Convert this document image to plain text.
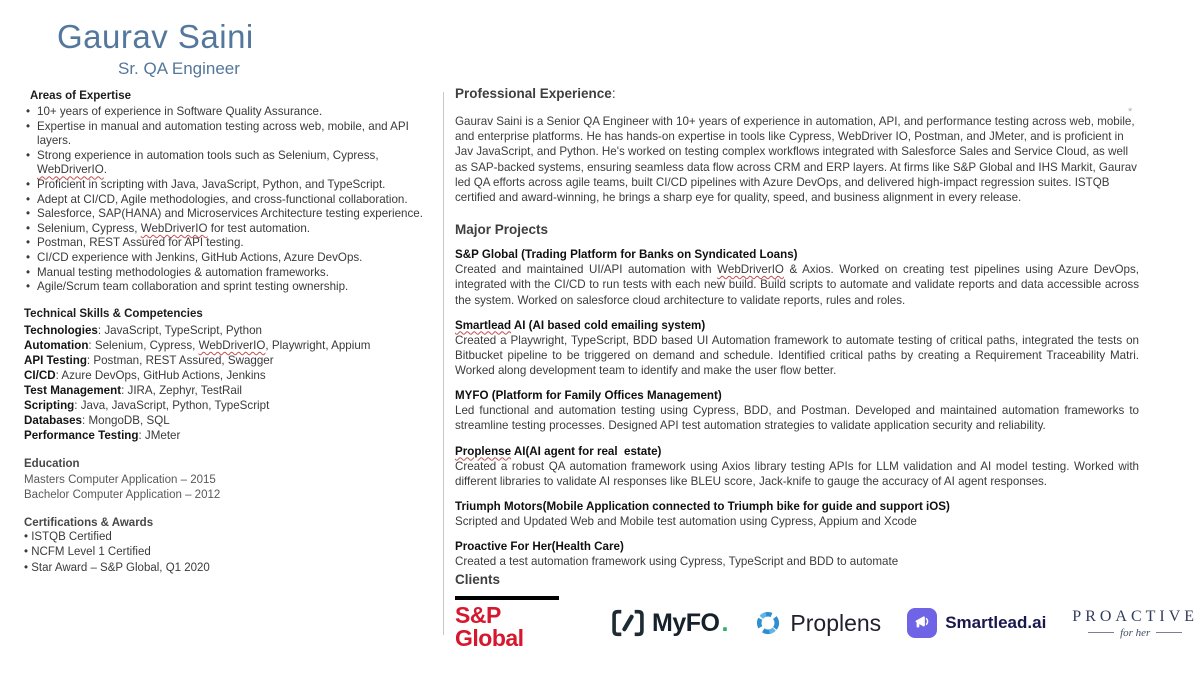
Gaurav Saini
Sr. QA Engineer
Areas of Expertise
• 10+ years of experience in Software Quality Assurance.
• Expertise in manual and automation testing across web, mobile, and API layers.
• Strong experience in automation tools such as Selenium, Cypress, WebDriverIO.
• Proficient in scripting with Java, JavaScript, Python, and TypeScript.
• Adept at CI/CD, Agile methodologies, and cross-functional collaboration.
• Salesforce, SAP(HANA) and Microservices Architecture testing experience.
• Selenium, Cypress, WebDriverIO for test automation.
• Postman, REST Assured for API testing.
• CI/CD experience with Jenkins, GitHub Actions, Azure DevOps.
• Manual testing methodologies & automation frameworks.
• Agile/Scrum team collaboration and sprint testing ownership.
Technical Skills & Competencies
Technologies: JavaScript, TypeScript, Python
Automation: Selenium, Cypress, WebDriverIO, Playwright, Appium
API Testing: Postman, REST Assured, Swagger
CI/CD: Azure DevOps, GitHub Actions, Jenkins
Test Management: JIRA, Zephyr, TestRail
Scripting: Java, JavaScript, Python, TypeScript
Databases: MongoDB, SQL
Performance Testing: JMeter
Education
Masters Computer Application – 2015
Bachelor Computer Application – 2012
Certifications & Awards
• ISTQB Certified
• NCFM Level 1 Certified
• Star Award – S&P Global, Q1 2020
Professional Experience:

Gaurav Saini is a Senior QA Engineer with 10+ years of experience in automation, API, and performance testing across web, mobile, and enterprise platforms. He has hands-on expertise in tools like Cypress, WebDriver IO, Postman, and JMeter, and is proficient in Jav JavaScript, and Python. He's worked on testing complex workflows integrated with Salesforce Sales and Service Cloud, as well as SAP-backed systems, ensuring seamless data flow across CRM and ERP layers. At firms like S&P Global and IHS Markit, Gaurav led QA efforts across agile teams, built CI/CD pipelines with Azure DevOps, and delivered high-impact regression suites. ISTQB certified and award-winning, he brings a sharp eye for quality, speed, and business alignment in every release.

Major Projects
S&P Global (Trading Platform for Banks on Syndicated Loans)

Created and maintained UI/API automation with WebDriverIO & Axios. Worked on creating test pipelines using Azure DevOps, integrated with the CI/CD to run tests with each new build. Build scripts to automate and validate reports and data accessible across the system. Worked on salesforce cloud architecture to validate reports, rules and roles.

Smartlead AI (AI based cold emailing system)

Created a Playwright, TypeScript, BDD based UI Automation framework to automate testing of critical paths, integrated the tests on Bitbucket pipeline to be triggered on demand and schedule. Identified critical paths by creating a Requirement Traceability Matri. Worked along development team to identify and make the user flow better.

MYFO (Platform for Family Offices Management)

Led functional and automation testing using Cypress, BDD, and Postman. Developed and maintained automation frameworks to streamline testing processes. Designed API test automation strategies to validate application security and reliability.

Proplense AI(AI agent for real  estate)

Created a robust QA automation framework using Axios library testing APIs for LLM validation and AI model testing. Worked with different libraries to validate AI responses like BLEU score, Jack-knife to gauge the accuracy of AI agent responses.

Triumph Motors(Mobile Application connected to Triumph bike for guide and support iOS)

Scripted and Updated Web and Mobile test automation using Cypress, Appium and Xcode

Proactive For Her(Health Care)

Created a test automation framework using Cypress, TypeScript and BDD to automate

*
Clients
S&P Global
MyFO .	Proplens	Smartlead.ai PROACTIVE
for her
